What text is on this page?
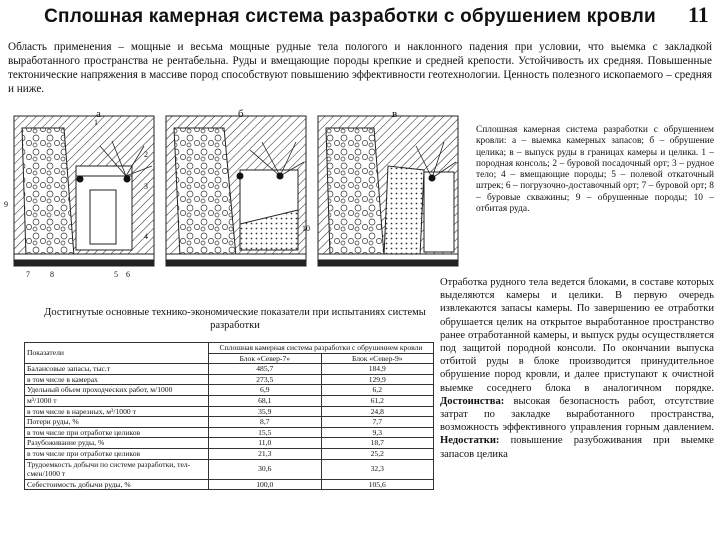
Сплошная камерная система разработки с обрушением кровли 11
Область применения – мощные и весьма мощные рудные тела пологого и наклонного падения при условии, что выемка с закладкой выработанного пространства не рентабельна. Руды и вмещающие породы крепкие и средней крепости. Устойчивость их средняя. Повышенные тектонические напряжения в массиве пород способствуют повышению эффективности геотехнологии. Ценность полезного ископаемого – средняя и ниже.
а	б	в
1
2
3
4
5 6
7	8
9
10
Сплошная камерная система разработки с обрушением кровли: а – выемка камерных запасов; б – обрушение целика; в – выпуск руды в границах камеры и целика. 1 – породная консоль; 2 – буровой посадочный орт; 3 – рудное тело; 4 – вмещающие породы; 5 – полевой откаточный штрек; 6 – погрузочно-доставочный орт; 7 – буровой орт; 8 – буровые скважины; 9 – обрушенные породы; 10 – отбитая руда.
Отработка рудного тела ведется блоками, в составе которых выделяются камеры и целики. В первую очередь извлекаются запасы камеры. По завершению ее отработки обрушается целик на открытое выработанное пространство ранее отработанной камеры, и выпуск руды осуществляется под защитой породной консоли. По окончании выпуска отбитой руды в блоке производится принудительное обрушение пород кровли, и далее приступают к очистной выемке соседнего блока в аналогичном порядке. Достоинства: высокая безопасность работ, отсутствие затрат по закладке выработанного пространства, возможность эффективного управления горным давлением. Недостатки: повышение разубоживания при выемке запасов целика
Достигнутые основные технико-экономические показатели при испытаниях системы разработки
Показатели	Сплошная камерная система разработки с обрушением кровли	
	Блок «Север-7»	Блок «Север-9»
Балансовые запасы, тыс.т	485,7	184,9
в том числе в камерах	273,5	129,9
Удельный объем проходческих работ, м/1000	6,9	6,2
м³/1000 т	68,1	61,2
в том числе в нарезных, м³/1000 т	35,9	24,8
Потери руды, %	8,7	7,7
в том числе при отработке целиков	15,5	9,3
Разубоживание руды, %	11,0	18,7
в том числе при отработке целиков	21,3	25,2
Трудоемкость добычи по системе разработки, тел-смен/1000 т	30,6	32,3
Себестоимость добычи руды, %	100,0	105,6
